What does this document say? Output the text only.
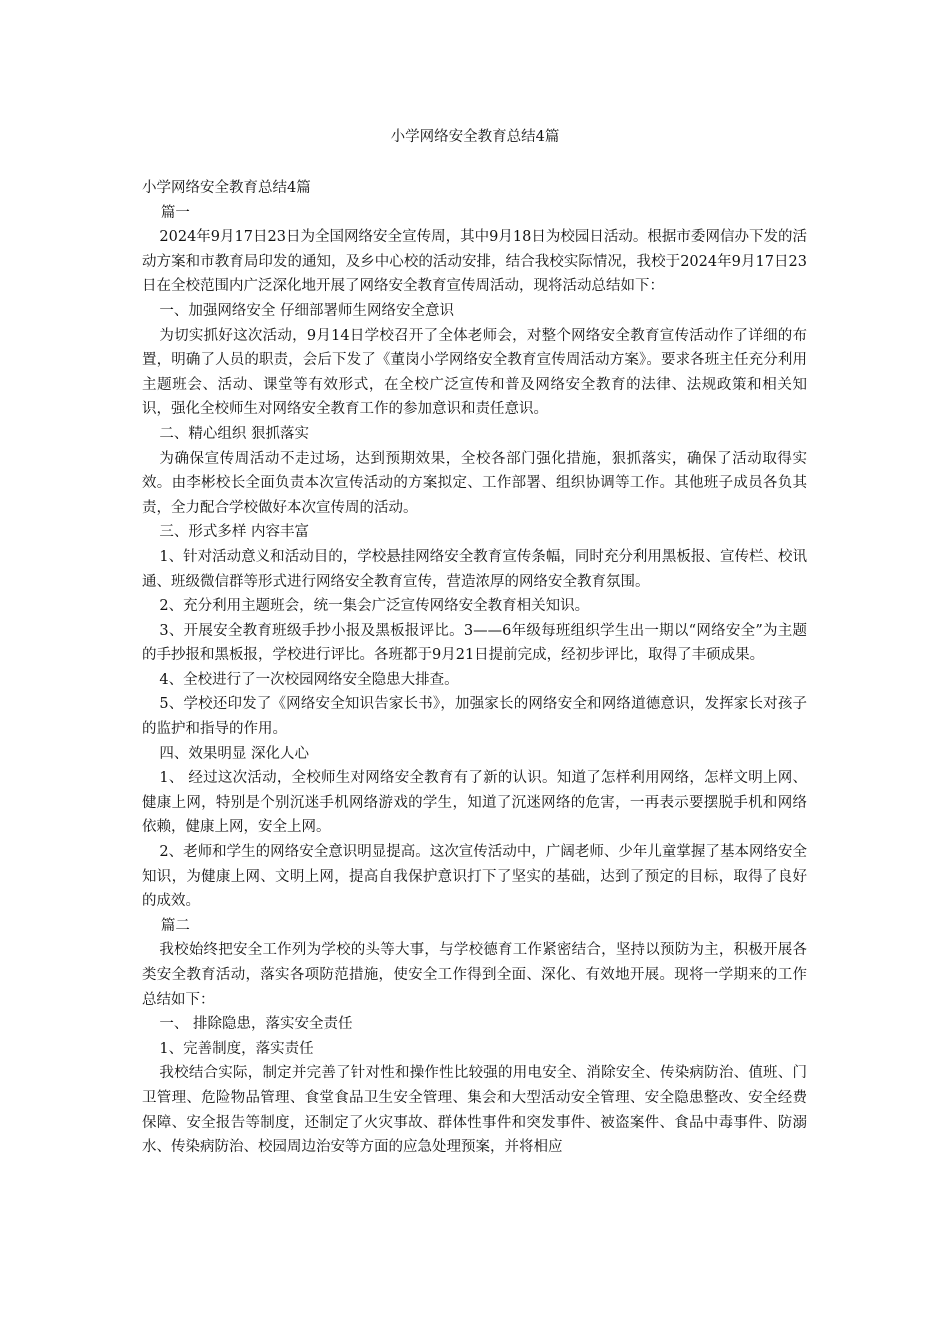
小学网络安全教育总结4篇

小学网络安全教育总结4篇

篇一

2024年9月17日23日为全国网络安全宣传周，其中9月18日为校园日活动。根据市委网信办下发的活动方案和市教育局印发的通知，及乡中心校的活动安排，结合我校实际情况，我校于2024年9月17日23日在全校范围内广泛深化地开展了网络安全教育宣传周活动，现将活动总结如下：

一、加强网络安全 仔细部署师生网络安全意识

为切实抓好这次活动，9月14日学校召开了全体老师会，对整个网络安全教育宣传活动作了详细的布置，明确了人员的职责，会后下发了《董岗小学网络安全教育宣传周活动方案》。要求各班主任充分利用主题班会、活动、课堂等有效形式，在全校广泛宣传和普及网络安全教育的法律、法规政策和相关知识，强化全校师生对网络安全教育工作的参加意识和责任意识。

二、精心组织 狠抓落实

为确保宣传周活动不走过场，达到预期效果，全校各部门强化措施，狠抓落实，确保了活动取得实效。由李彬校长全面负责本次宣传活动的方案拟定、工作部署、组织协调等工作。其他班子成员各负其责，全力配合学校做好本次宣传周的活动。

三、形式多样 内容丰富

1、针对活动意义和活动目的，学校悬挂网络安全教育宣传条幅，同时充分利用黑板报、宣传栏、校讯通、班级微信群等形式进行网络安全教育宣传，营造浓厚的网络安全教育氛围。

2、充分利用主题班会，统一集会广泛宣传网络安全教育相关知识。

3、开展安全教育班级手抄小报及黑板报评比。3——6年级每班组织学生出一期以“网络安全”为主题的手抄报和黑板报，学校进行评比。各班都于9月21日提前完成，经初步评比，取得了丰硕成果。

4、全校进行了一次校园网络安全隐患大排查。

5、学校还印发了《网络安全知识告家长书》，加强家长的网络安全和网络道德意识，发挥家长对孩子的监护和指导的作用。

四、效果明显 深化人心

1、 经过这次活动，全校师生对网络安全教育有了新的认识。知道了怎样利用网络，怎样文明上网、健康上网，特别是个别沉迷手机网络游戏的学生，知道了沉迷网络的危害，一再表示要摆脱手机和网络依赖，健康上网，安全上网。

2、老师和学生的网络安全意识明显提高。这次宣传活动中，广阔老师、少年儿童掌握了基本网络安全知识，为健康上网、文明上网，提高自我保护意识打下了坚实的基础，达到了预定的目标，取得了良好的成效。

篇二

我校始终把安全工作列为学校的头等大事，与学校德育工作紧密结合，坚持以预防为主，积极开展各类安全教育活动，落实各项防范措施，使安全工作得到全面、深化、有效地开展。现将一学期来的工作总结如下：

一、 排除隐患，落实安全责任

1、完善制度，落实责任

我校结合实际，制定并完善了针对性和操作性比较强的用电安全、消除安全、传染病防治、值班、门卫管理、危险物品管理、食堂食品卫生安全管理、集会和大型活动安全管理、安全隐患整改、安全经费保障、安全报告等制度，还制定了火灾事故、群体性事件和突发事件、被盗案件、食品中毒事件、防溺水、传染病防治、校园周边治安等方面的应急处理预案，并将相应
